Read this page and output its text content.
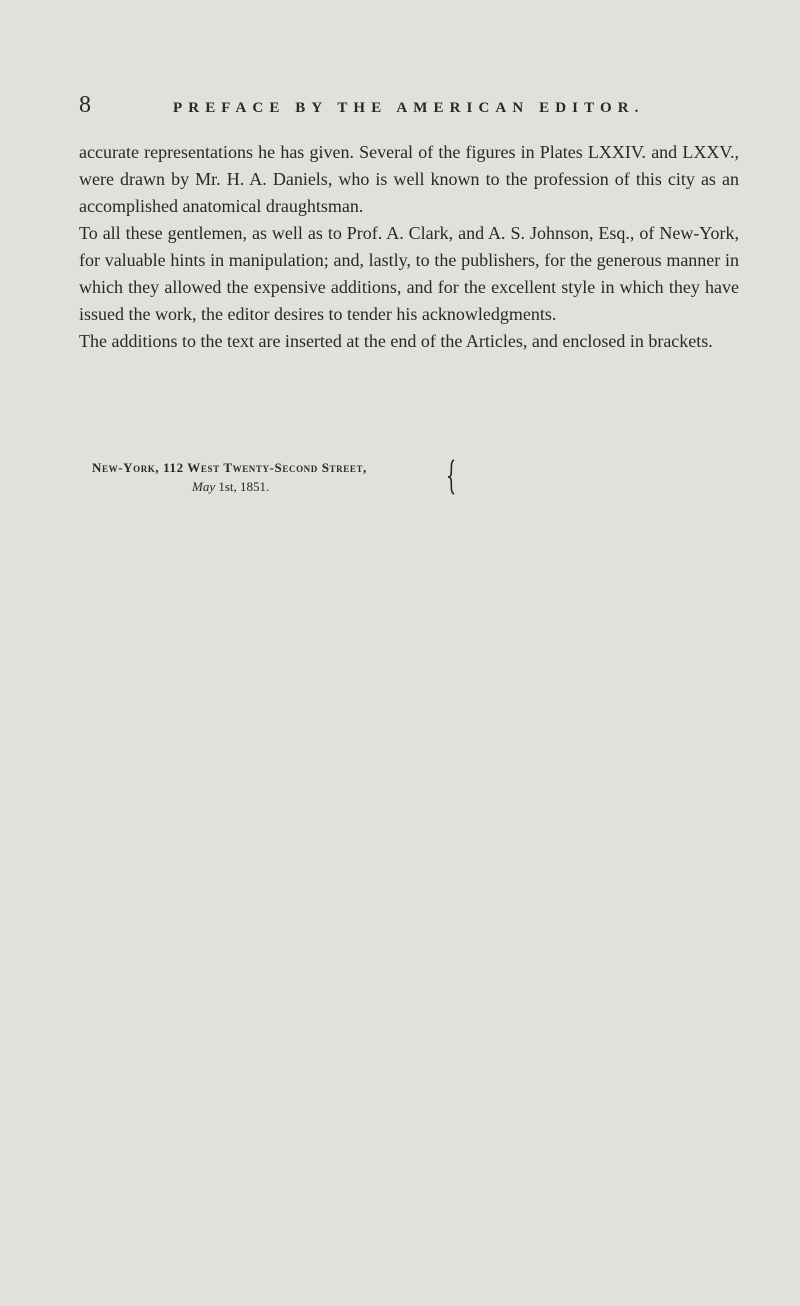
8	PREFACE BY THE AMERICAN EDITOR.

accurate representations he has given. Several of the figures in Plates LXXIV. and LXXV., were drawn by Mr. H. A. Daniels, who is well known to the profession of this city as an accomplished anatomical draughtsman.

To all these gentlemen, as well as to Prof. A. Clark, and A. S. Johnson, Esq., of New-York, for valuable hints in manipulation; and, lastly, to the publishers, for the generous manner in which they allowed the expensive additions, and for the excellent style in which they have issued the work, the editor desires to tender his acknowledgments.

The additions to the text are inserted at the end of the Articles, and enclosed in brackets.

New-York, 112 West Twenty-Second Street,
May 1st, 1851.
